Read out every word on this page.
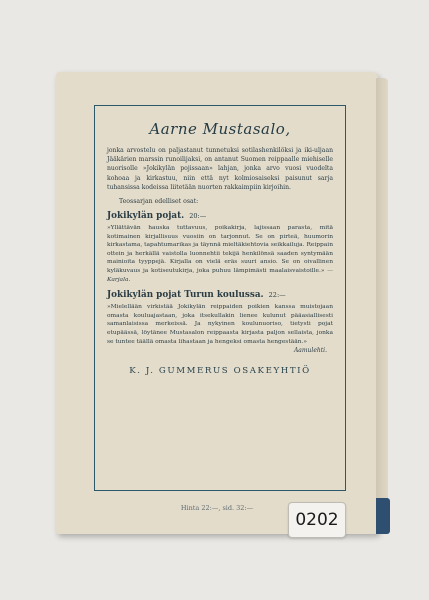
Aarne Mustasalo,

jonka arvostelu on paljastanut tunnetuksi sotilashenkilöksi ja iki-uljaan Jääkärien marssin runoilijaksi, on antanut Suomen reippaalle miehiselle nuorisolle »Jokikylän pojissaan» lahjan, jonka arvo vuosi vuodelta kohoaa ja kirkastuu, niin että nyt kolmiosaiseksi paisunut sarja tuhansissa kodeissa liitetään nuorten rakkaimpiin kirjoihin.

Teossarjan edelliset osat:
Jokikylän pojat. 20:—

»Yllättävän hauska tuttavuus, poikakirja, lajissaan parasta, mitä kotimainen kirjallisuus vuosiin on tarjonnut. Se on pirteä, huumorin kirkastama, tapahtumarikas ja täynnä mieltäkiehtovia seikkailuja. Reippain ottein ja herkällä vaistolla luonnehtii tekijä henkilönsä saaden syntymään mainioita tyyppejä. Kirjalla on vielä eräs suuri ansio. Se on oivallinen kyläkuvaus ja kotiseutukirja, joka puhuu lämpimästi maalaisvaistoille.» — Karjala.

Jokikylän pojat Turun koulussa. 22:—

»Mielellään virkistää Jokikylän reippaiden poikien kanssa muistojaan omasta kouluajastaan, joka itsekullakin lienee kulunut pääasiallisesti samanlaisissa merkeissä. Ja nykyinen koulunuoriso, tietysti pojat etupäässä, löytänee Mustasalon reippaasta kirjasta paljon sellaista, jonka se tuntee täällä omasta lihastaan ja hengeksi omasta hengestään.»

Aamulehti.
K. J. GUMMERUS OSAKEYHTIÖ
Hinta 22:—, sid. 32:—
0202
